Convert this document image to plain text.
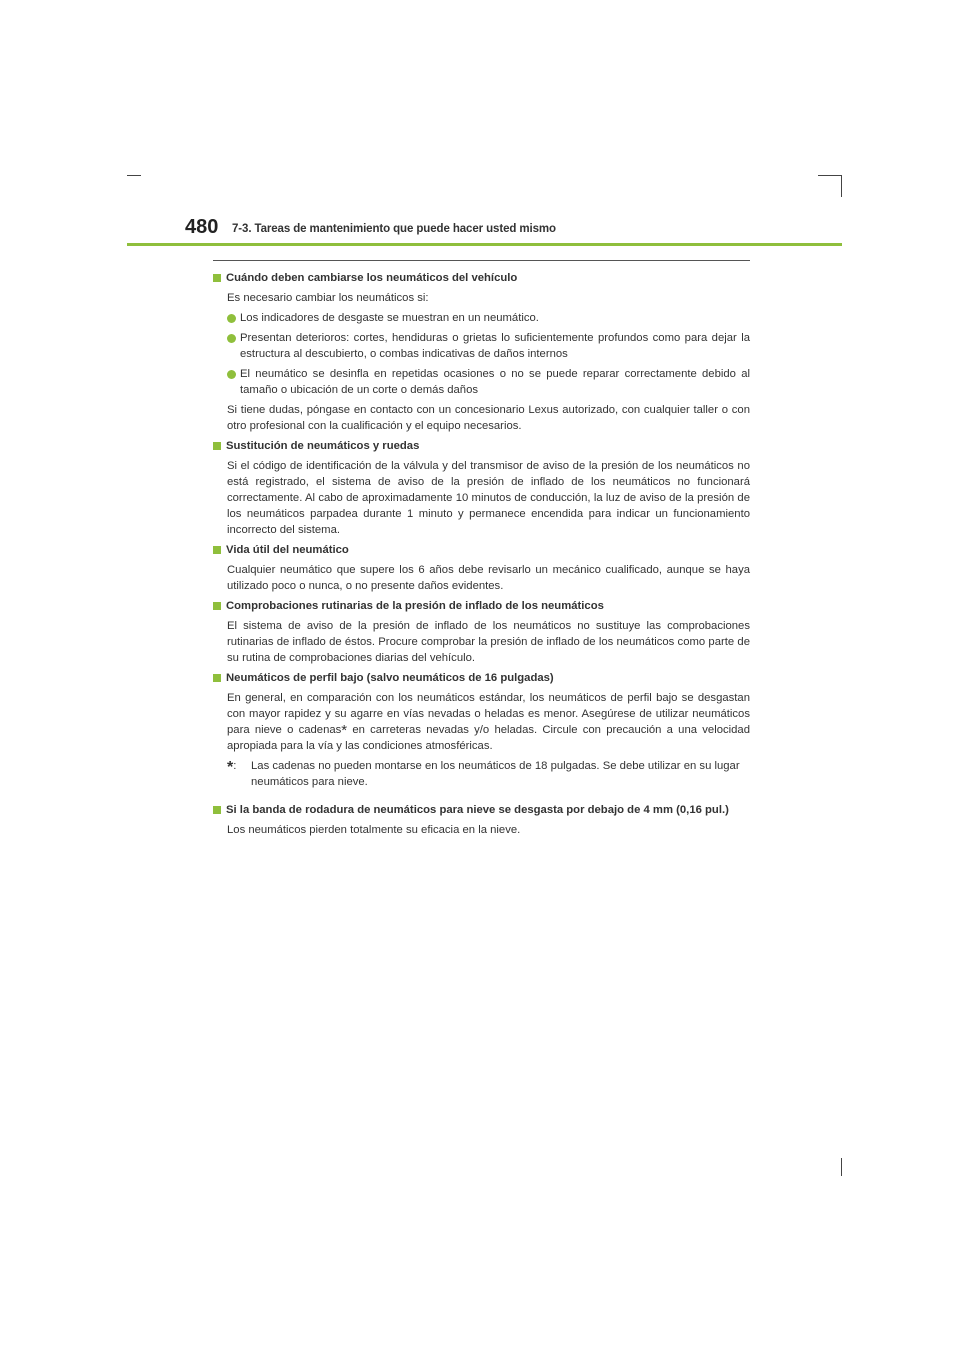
480 7-3. Tareas de mantenimiento que puede hacer usted mismo
Cuándo deben cambiarse los neumáticos del vehículo

Es necesario cambiar los neumáticos si:

Los indicadores de desgaste se muestran en un neumático.
Presentan deterioros: cortes, hendiduras o grietas lo suficientemente profundos como para dejar la estructura al descubierto, o combas indicativas de daños internos
El neumático se desinfla en repetidas ocasiones o no se puede reparar correctamente debido al tamaño o ubicación de un corte o demás daños

Si tiene dudas, póngase en contacto con un concesionario Lexus autorizado, con cualquier taller o con otro profesional con la cualificación y el equipo necesarios.

Sustitución de neumáticos y ruedas

Si el código de identificación de la válvula y del transmisor de aviso de la presión de los neumáticos no está registrado, el sistema de aviso de la presión de inflado de los neumáticos no funcionará correctamente. Al cabo de aproximadamente 10 minutos de conducción, la luz de aviso de la presión de los neumáticos parpadea durante 1 minuto y permanece encendida para indicar un funcionamiento incorrecto del sistema.

Vida útil del neumático

Cualquier neumático que supere los 6 años debe revisarlo un mecánico cualificado, aunque se haya utilizado poco o nunca, o no presente daños evidentes.

Comprobaciones rutinarias de la presión de inflado de los neumáticos

El sistema de aviso de la presión de inflado de los neumáticos no sustituye las comprobaciones rutinarias de inflado de éstos. Procure comprobar la presión de inflado de los neumáticos como parte de su rutina de comprobaciones diarias del vehículo.

Neumáticos de perfil bajo (salvo neumáticos de 16 pulgadas)

En general, en comparación con los neumáticos estándar, los neumáticos de perfil bajo se desgastan con mayor rapidez y su agarre en vías nevadas o heladas es menor. Asegúrese de utilizar neumáticos para nieve o cadenas* en carreteras nevadas y/o heladas. Circule con precaución a una velocidad apropiada para la vía y las condiciones atmosféricas.

*:	Las cadenas no pueden montarse en los neumáticos de 18 pulgadas. Se debe utilizar en su lugar neumáticos para nieve.
Si la banda de rodadura de neumáticos para nieve se desgasta por debajo de 4 mm (0,16 pul.)

Los neumáticos pierden totalmente su eficacia en la nieve.
